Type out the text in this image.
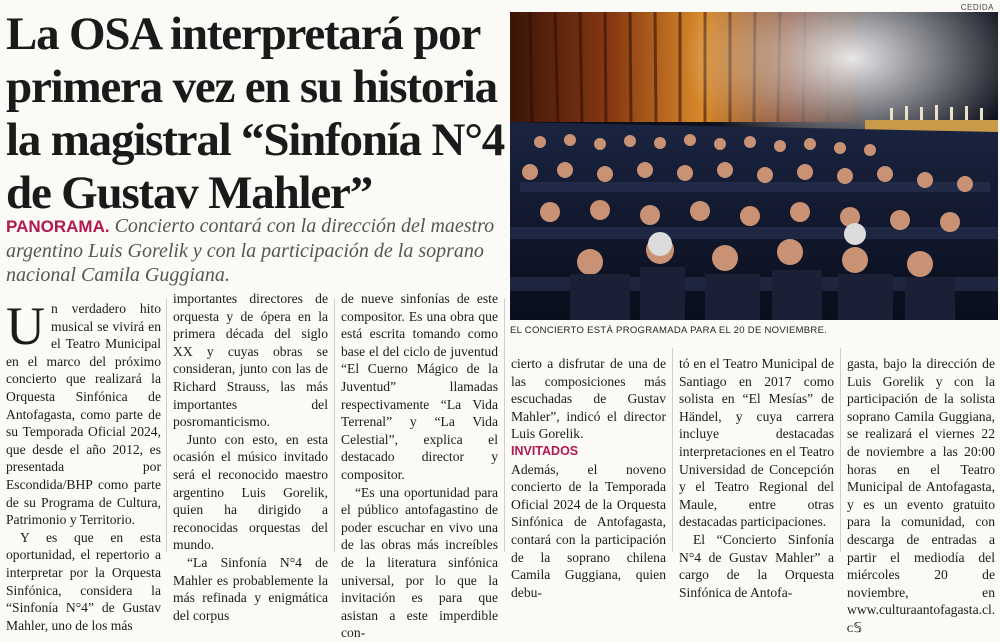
La OSA interpretará por
primera vez en su historia
la magistral “Sinfonía N°4
de Gustav Mahler”
PANORAMA. Concierto contará con la dirección del maestro argentino Luis Gorelik y con la participación de la soprano nacional Camila Guggiana.
CEDIDA
EL CONCIERTO ESTÁ PROGRAMADA PARA EL 20 DE NOVIEMBRE.

Un verdadero hito musical se vivirá en el Teatro Municipal en el marco del próximo concierto que realizará la Orquesta Sinfónica de Antofagasta, como parte de su Temporada Oficial 2024, que desde el año 2012, es presentada por Escondida/BHP como parte de su Programa de Cultura, Patrimonio y Territorio.

Y es que en esta oportunidad, el repertorio a interpretar por la Orquesta Sinfónica, considera la “Sinfonía N°4” de Gustav Mahler, uno de los más

importantes directores de orquesta y de ópera en la primera década del siglo XX y cuyas obras se consideran, junto con las de Richard Strauss, las más importantes del posromanticismo.

Junto con esto, en esta ocasión el músico invitado será el reconocido maestro argentino Luis Gorelik, quien ha dirigido a reconocidas orquestas del mundo.

“La Sinfonía N°4 de Mahler es probablemente la más refinada y enigmática del corpus

de nueve sinfonías de este compositor. Es una obra que está escrita tomando como base el del ciclo de juventud “El Cuerno Mágico de la Juventud” llamadas respectivamente “La Vida Terrenal” y “La Vida Celestial”, explica el destacado director y compositor.

“Es una oportunidad para el público antofagastino de poder escuchar en vivo una de las obras más increíbles de la literatura sinfónica universal, por lo que la invitación es para que asistan a este imperdible con-

cierto a disfrutar de una de las composiciones más escuchadas de Gustav Mahler”, indicó el director Luis Gorelik.

INVITADOS

Además, el noveno concierto de la Temporada Oficial 2024 de la Orquesta Sinfónica de Antofagasta, contará con la participación de la soprano chilena Camila Guggiana, quien debu-

tó en el Teatro Municipal de Santiago en 2017 como solista en “El Mesías” de Händel, y cuya carrera incluye destacadas interpretaciones en el Teatro Universidad de Concepción y el Teatro Regional del Maule, entre otras destacadas participaciones.

El “Concierto Sinfonía N°4 de Gustav Mahler” a cargo de la Orquesta Sinfónica de Antofa-

gasta, bajo la dirección de Luis Gorelik y con la participación de la solista soprano Camila Guggiana, se realizará el viernes 22 de noviembre a las 20:00 horas en el Teatro Municipal de Antofagasta, y es un evento gratuito para la comunidad, con descarga de entradas a partir el mediodía del miércoles 20 de noviembre, en www.culturaantofagasta.cl. ᴄ𝕊
